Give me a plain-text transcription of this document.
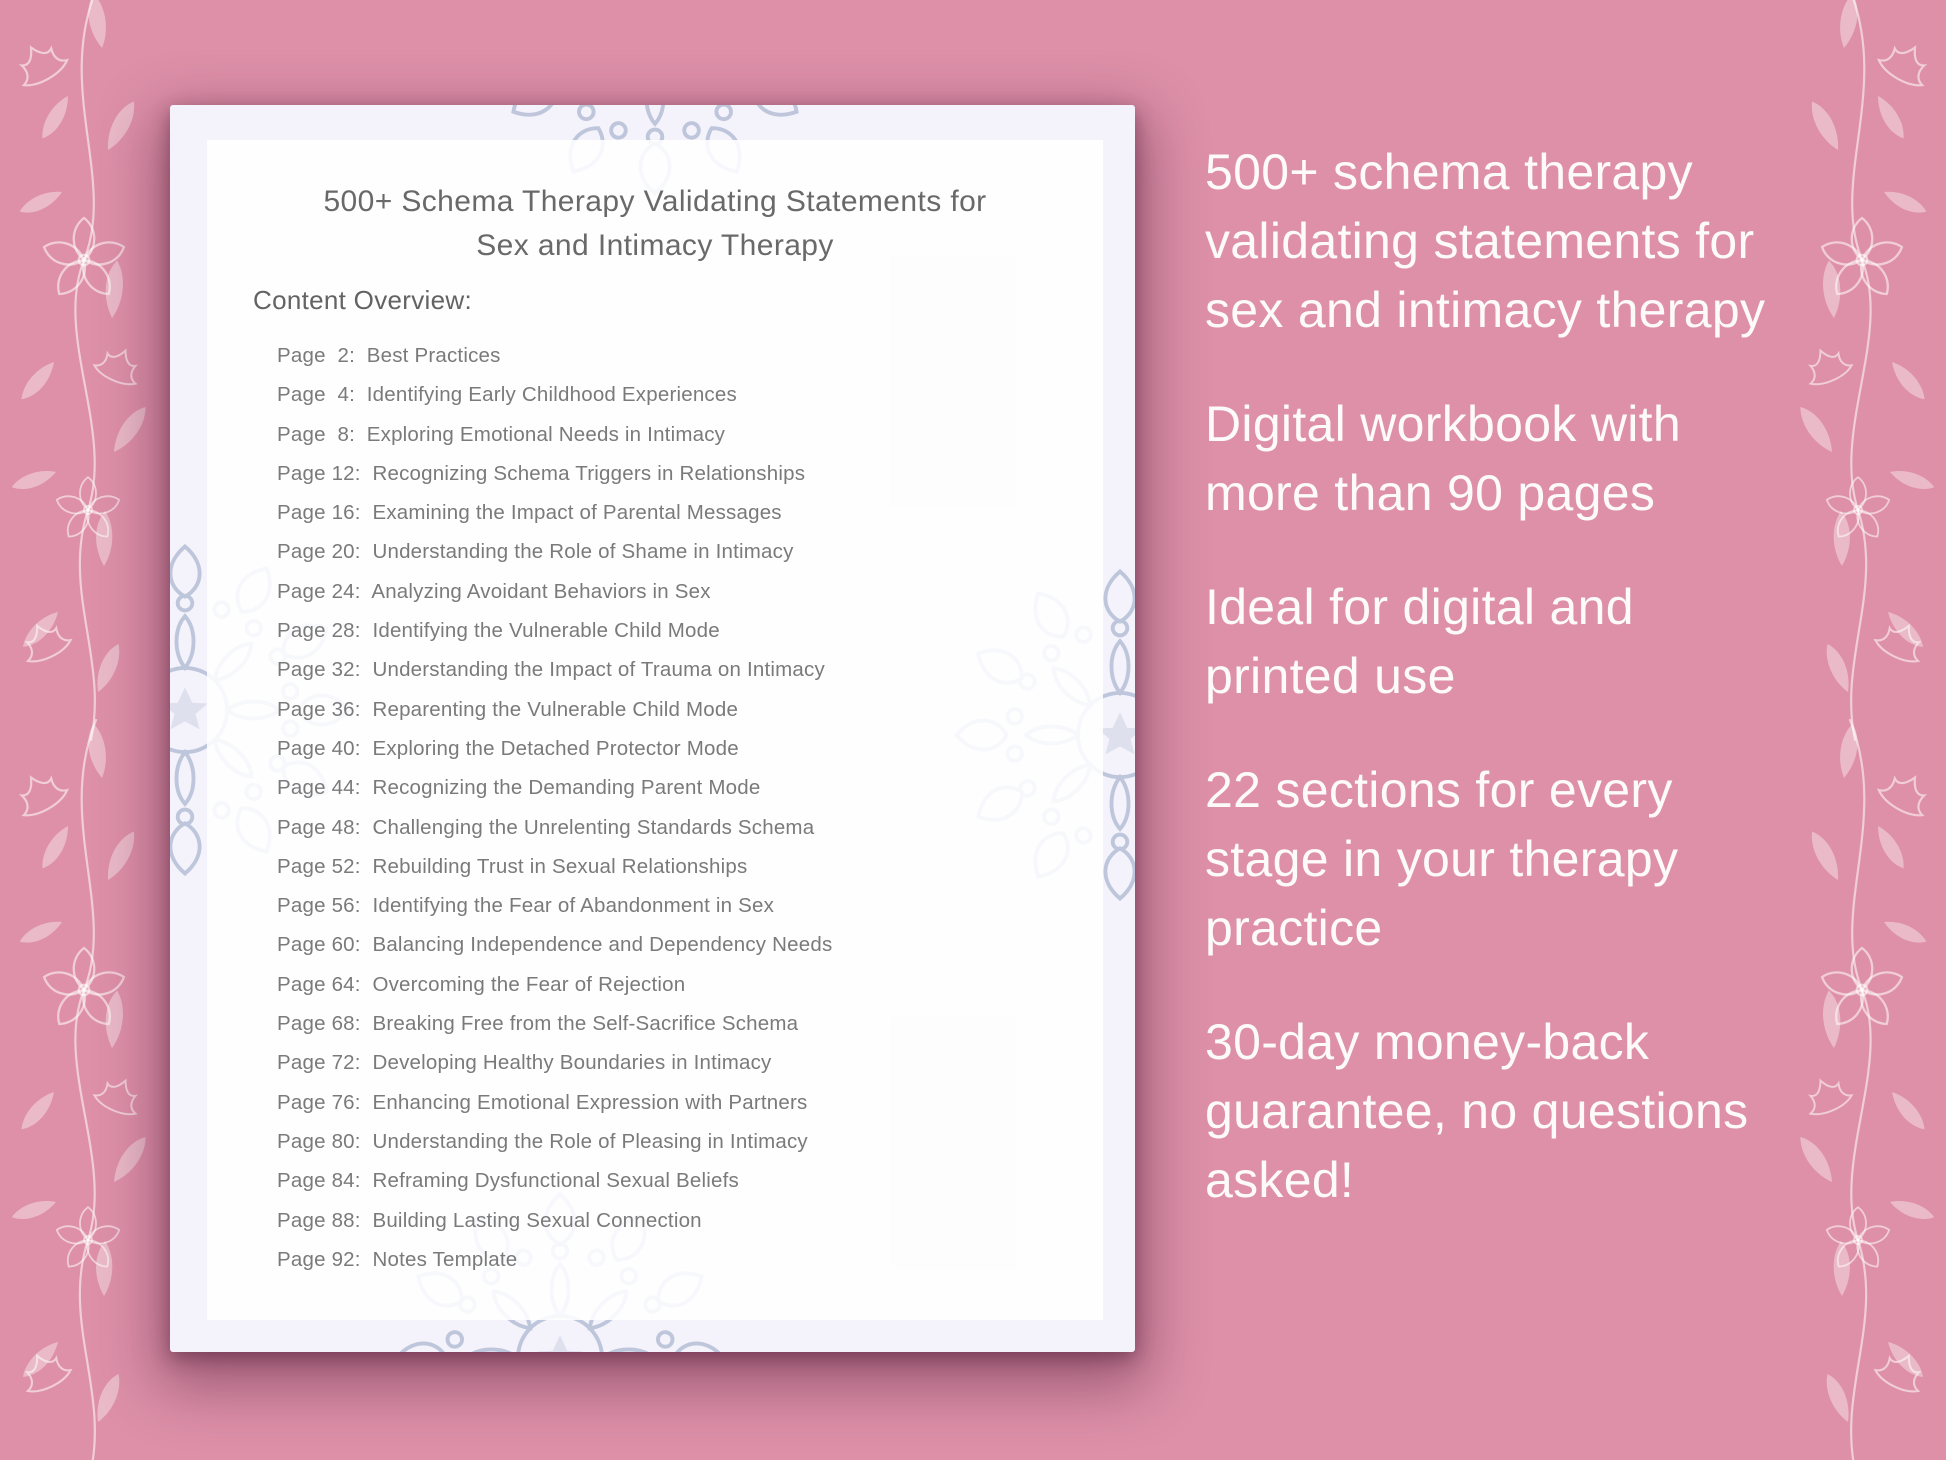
500+ Schema Therapy Validating Statements for
Sex and Intimacy Therapy
Content Overview:
Page  2:  Best Practices
Page  4:  Identifying Early Childhood Experiences
Page  8:  Exploring Emotional Needs in Intimacy
Page 12:  Recognizing Schema Triggers in Relationships
Page 16:  Examining the Impact of Parental Messages
Page 20:  Understanding the Role of Shame in Intimacy
Page 24:  Analyzing Avoidant Behaviors in Sex
Page 28:  Identifying the Vulnerable Child Mode
Page 32:  Understanding the Impact of Trauma on Intimacy
Page 36:  Reparenting the Vulnerable Child Mode
Page 40:  Exploring the Detached Protector Mode
Page 44:  Recognizing the Demanding Parent Mode
Page 48:  Challenging the Unrelenting Standards Schema
Page 52:  Rebuilding Trust in Sexual Relationships
Page 56:  Identifying the Fear of Abandonment in Sex
Page 60:  Balancing Independence and Dependency Needs
Page 64:  Overcoming the Fear of Rejection
Page 68:  Breaking Free from the Self-Sacrifice Schema
Page 72:  Developing Healthy Boundaries in Intimacy
Page 76:  Enhancing Emotional Expression with Partners
Page 80:  Understanding the Role of Pleasing in Intimacy
Page 84:  Reframing Dysfunctional Sexual Beliefs
Page 88:  Building Lasting Sexual Connection
Page 92:  Notes Template

500+ schema therapy validating statements for sex and intimacy therapy

Digital workbook with more than 90 pages

Ideal for digital and printed use

22 sections for every stage in your therapy practice

30-day money-back guarantee, no questions asked!
